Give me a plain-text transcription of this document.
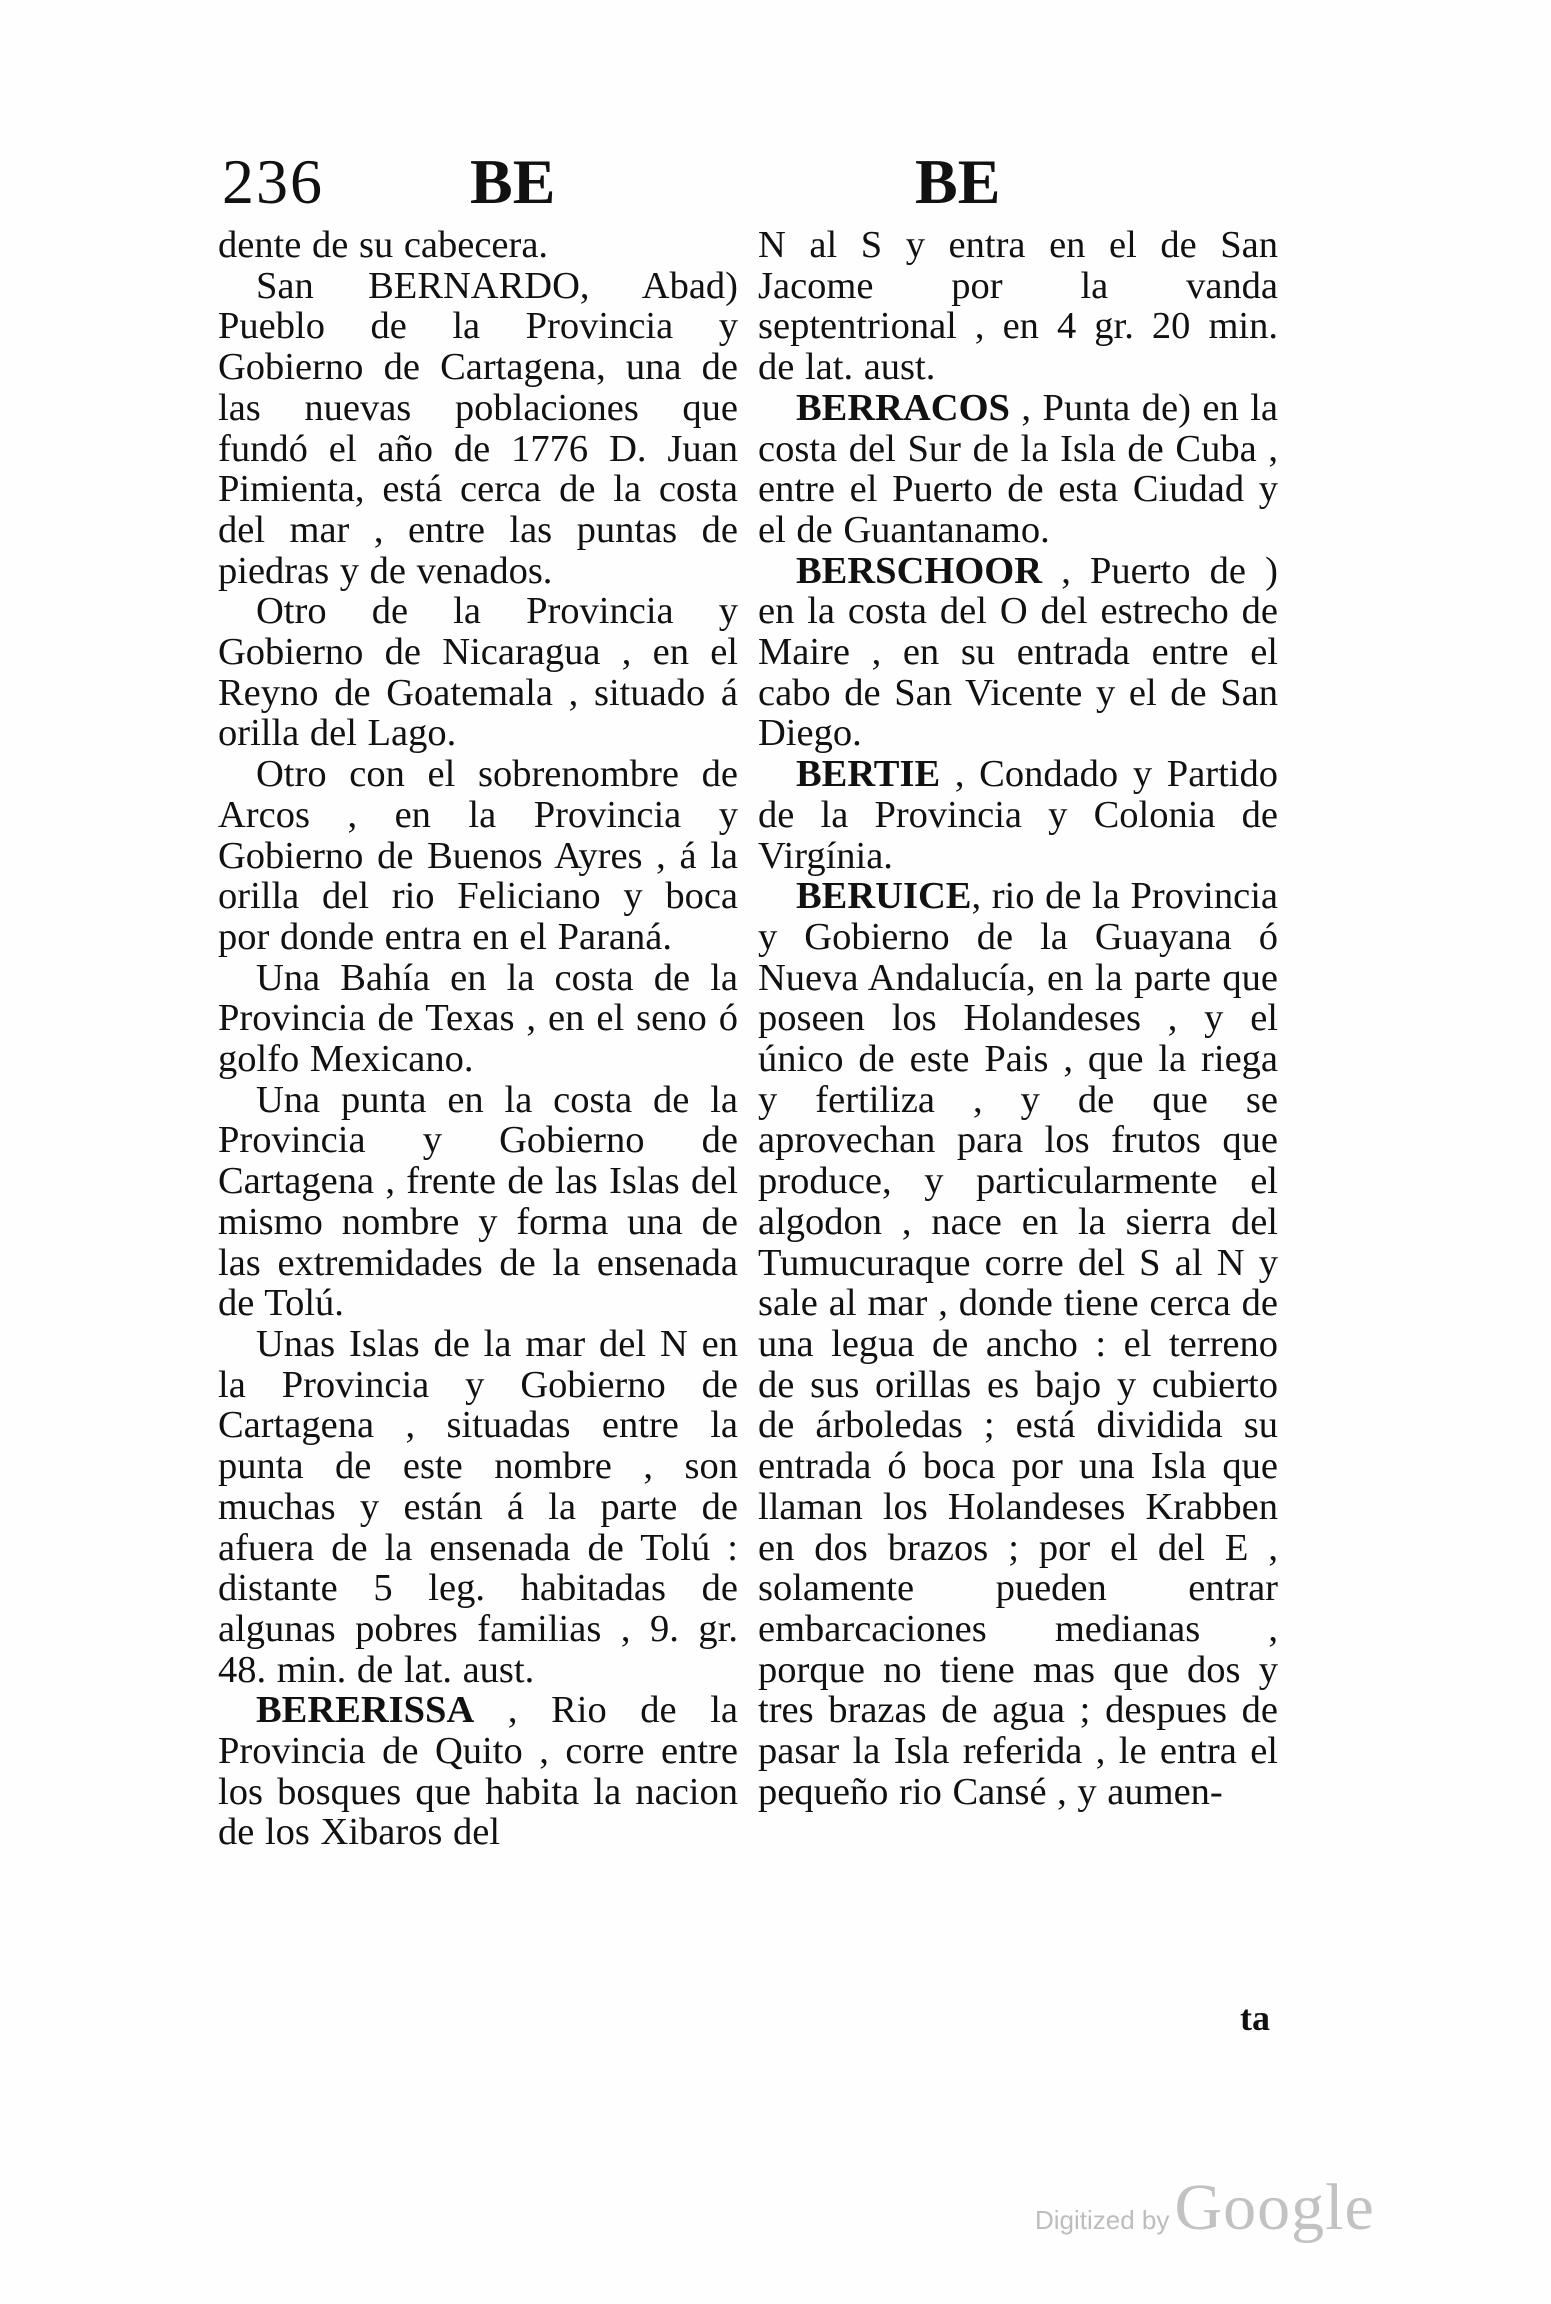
236 BE	BE

dente de su cabecera.

San BERNARDO, Abad) Pueblo de la Provincia y Gobierno de Cartagena, una de las nuevas poblaciones que fundó el año de 1776 D. Juan Pimienta, está cerca de la costa del mar , entre las puntas de piedras y de venados.

Otro de la Provincia y Gobierno de Nicaragua , en el Reyno de Goatemala , situado á orilla del Lago.

Otro con el sobrenombre de Arcos , en la Provincia y Gobierno de Buenos Ayres , á la orilla del rio Feliciano y boca por donde entra en el Paraná.

Una Bahía en la costa de la Provincia de Texas , en el seno ó golfo Mexicano.

Una punta en la costa de la Provincia y Gobierno de Cartagena , frente de las Islas del mismo nombre y forma una de las extremidades de la ensenada de Tolú.

Unas Islas de la mar del N en la Provincia y Gobierno de Cartagena , situadas entre la punta de este nombre , son muchas y están á la parte de afuera de la ensenada de Tolú : distante 5 leg. habitadas de algunas pobres familias , 9. gr. 48. min. de lat. aust.

BERERISSA , Rio de la Provincia de Quito , corre entre los bosques que habita la nacion de los Xibaros del

N al S y entra en el de San Jacome por la vanda septentrional , en 4 gr. 20 min. de lat. aust.

BERRACOS , Punta de) en la costa del Sur de la Isla de Cuba , entre el Puerto de esta Ciudad y el de Guantanamo.

BERSCHOOR , Puerto de ) en la costa del O del estrecho de Maire , en su entrada entre el cabo de San Vicente y el de San Diego.

BERTIE , Condado y Partido de la Provincia y Colonia de Virgínia.

BERUICE, rio de la Provincia y Gobierno de la Guayana ó Nueva Andalucía, en la parte que poseen los Holandeses , y el único de este Pais , que la riega y fertiliza , y de que se aprovechan para los frutos que produce, y particularmente el algodon , nace en la sierra del Tumucuraque corre del S al N y sale al mar , donde tiene cerca de una legua de ancho : el terreno de sus orillas es bajo y cubierto de árboledas ; está dividida su entrada ó boca por una Isla que llaman los Holandeses Krabben en dos brazos ; por el del E , solamente pueden entrar embarcaciones medianas , porque no tiene mas que dos y tres brazas de agua ; despues de pasar la Isla referida , le entra el pequeño rio Cansé , y aumen-

ta
Digitized by Google
